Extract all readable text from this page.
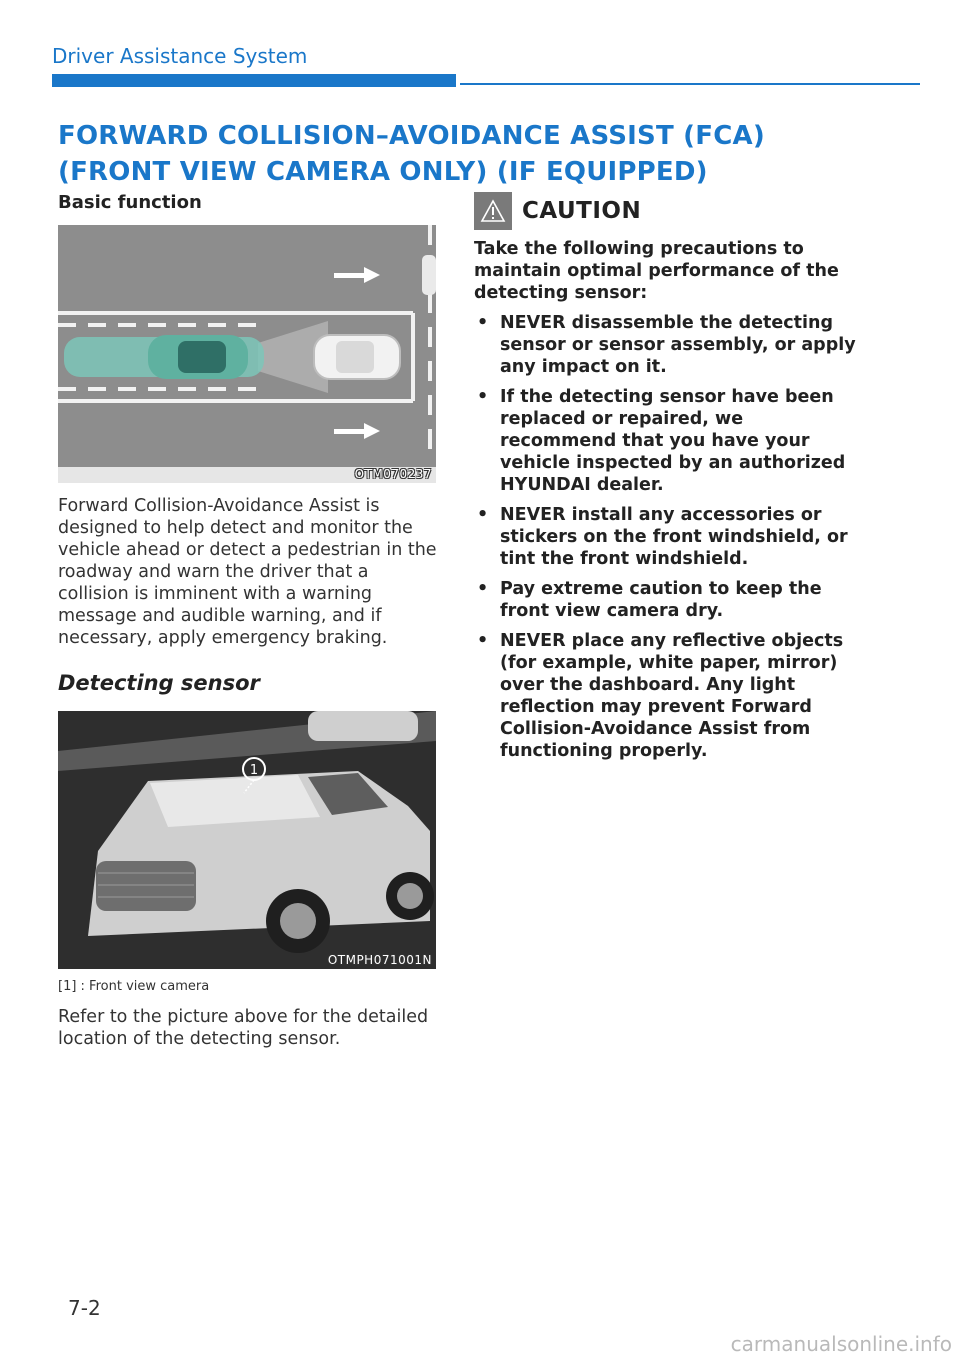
Driver Assistance System
FORWARD COLLISION–AVOIDANCE ASSIST (FCA) (FRONT VIEW CAMERA ONLY) (IF EQUIPPED)

Basic function

OTM070237

Forward Collision-Avoidance Assist is designed to help detect and monitor the vehicle ahead or detect a pedestrian in the roadway and warn the driver that a collision is imminent with a warning message and audible warning, and if necessary, apply emergency braking.

Detecting sensor

1
OTMPH071001N

[1] : Front view camera

Refer to the picture above for the detailed location of the detecting sensor.

CAUTION

Take the following precautions to maintain optimal performance of the detecting sensor:

• NEVER disassemble the detecting sensor or sensor assembly, or apply any impact on it.
• If the detecting sensor have been replaced or repaired, we recommend that you have your vehicle inspected by an authorized HYUNDAI dealer.
• NEVER install any accessories or stickers on the front windshield, or tint the front windshield.
• Pay extreme caution to keep the front view camera dry.
• NEVER place any reflective objects (for example, white paper, mirror) over the dashboard. Any light reflection may prevent Forward Collision-Avoidance Assist from functioning properly.
7-2
carmanualsonline.info
